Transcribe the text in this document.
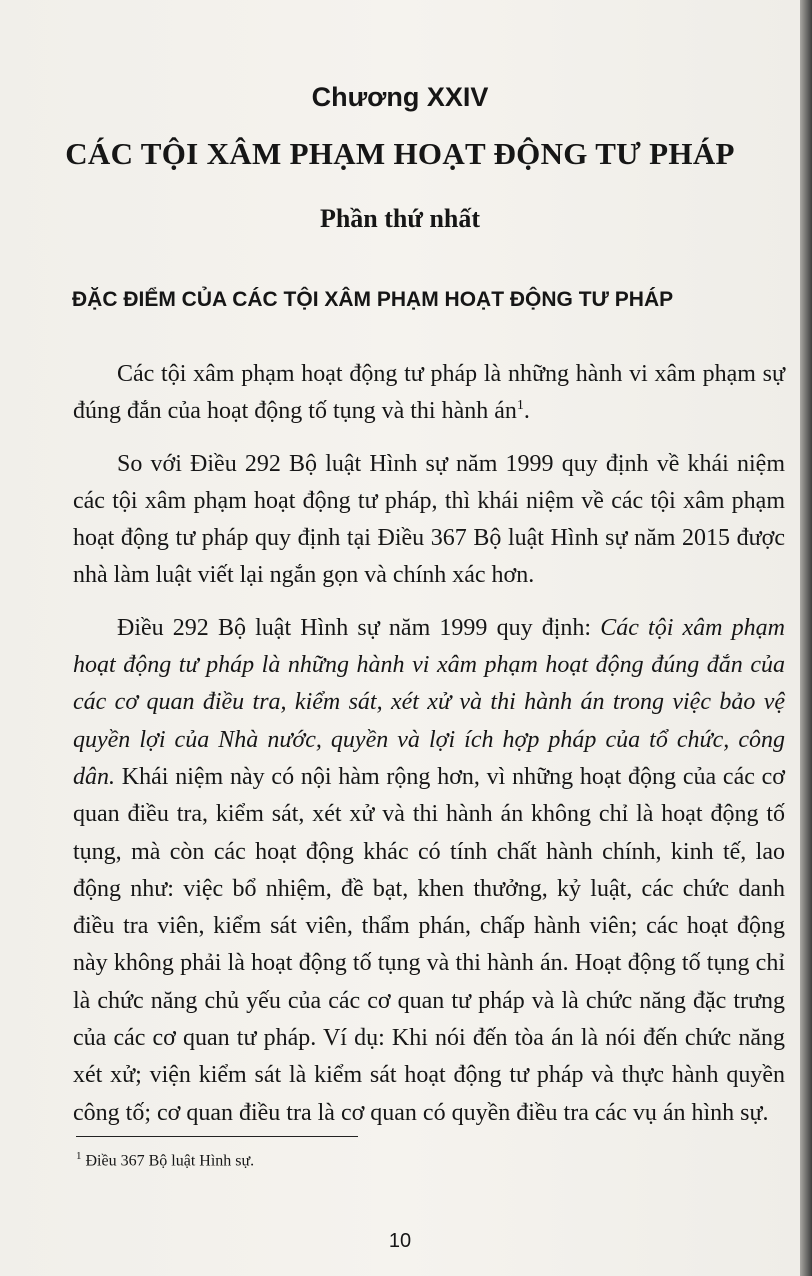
Chương XXIV
CÁC TỘI XÂM PHẠM HOẠT ĐỘNG TƯ PHÁP
Phần thứ nhất
ĐẶC ĐIỂM CỦA CÁC TỘI XÂM PHẠM HOẠT ĐỘNG TƯ PHÁP

Các tội xâm phạm hoạt động tư pháp là những hành vi xâm phạm sự đúng đắn của hoạt động tố tụng và thi hành $án^1$.

So với Điều 292 Bộ luật Hình sự năm 1999 quy định về khái niệm các tội xâm phạm hoạt động tư pháp, thì khái niệm về các tội xâm phạm hoạt động tư pháp quy định tại Điều 367 Bộ luật Hình sự năm 2015 được nhà làm luật viết lại ngắn gọn và chính xác hơn.

Điều 292 Bộ luật Hình sự năm 1999 quy định: Các tội xâm phạm hoạt động tư pháp là những hành vi xâm phạm hoạt động đúng đắn của các cơ quan điều tra, kiểm sát, xét xử và thi hành án trong việc bảo vệ quyền lợi của Nhà nước, quyền và lợi ích hợp pháp của tổ chức, công dân. Khái niệm này có nội hàm rộng hơn, vì những hoạt động của các cơ quan điều tra, kiểm sát, xét xử và thi hành án không chỉ là hoạt động tố tụng, mà còn các hoạt động khác có tính chất hành chính, kinh tế, lao động như: việc bổ nhiệm, đề bạt, khen thưởng, kỷ luật, các chức danh điều tra viên, kiểm sát viên, thẩm phán, chấp hành viên; các hoạt động này không phải là hoạt động tố tụng và thi hành án. Hoạt động tố tụng chỉ là chức năng chủ yếu của các cơ quan tư pháp và là chức năng đặc trưng của các cơ quan tư pháp. Ví dụ: Khi nói đến tòa án là nói đến chức năng xét xử; viện kiểm sát là kiểm sát hoạt động tư pháp và thực hành quyền công tố; cơ quan điều tra là cơ quan có quyền điều tra các vụ án hình sự.

$^1$ Điều 367 Bộ luật Hình sự.
10
